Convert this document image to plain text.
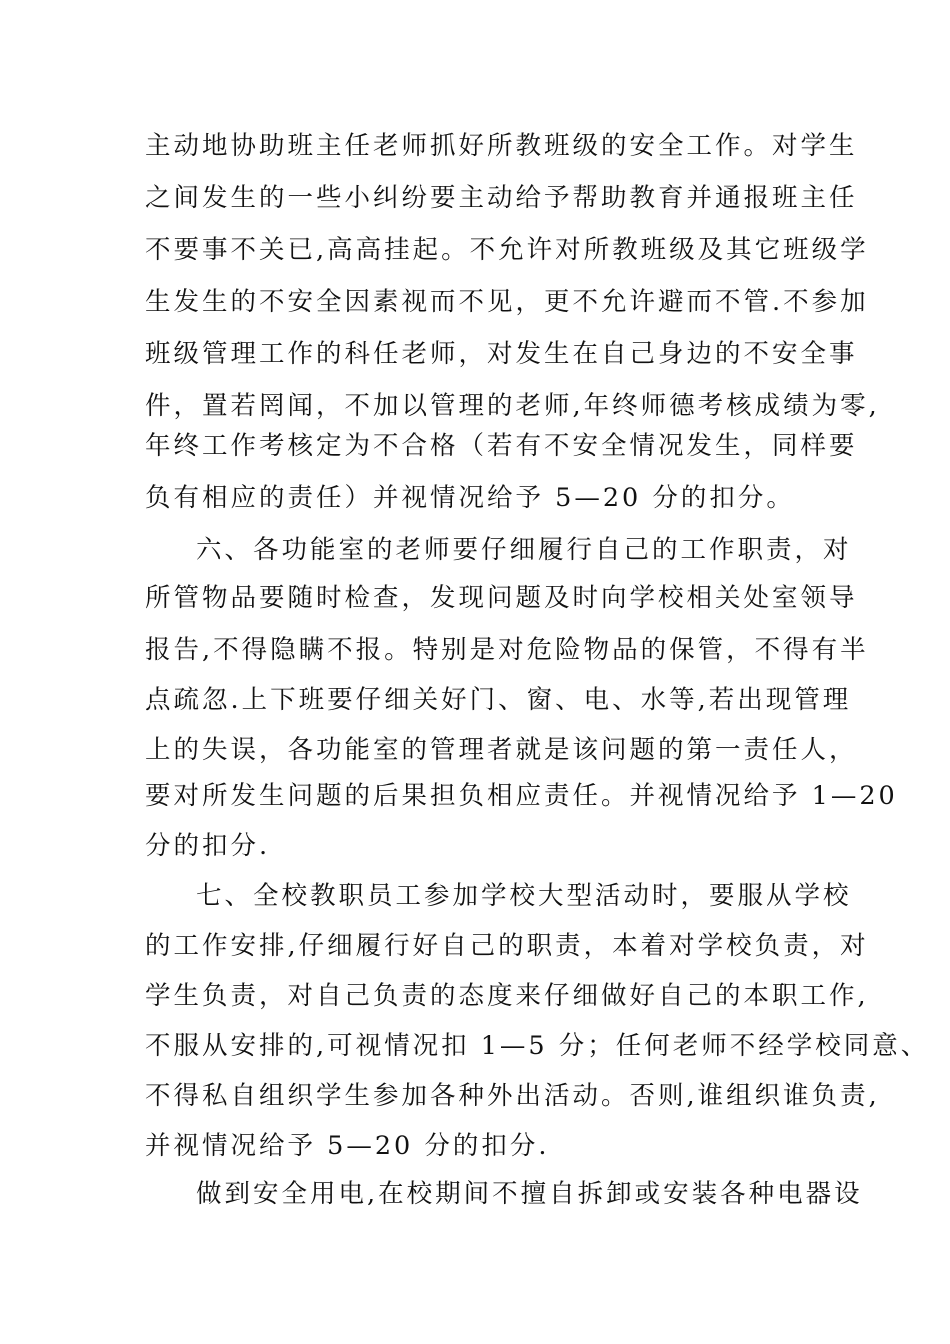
主动地协助班主任老师抓好所教班级的安全工作。对学生
之间发生的一些小纠纷要主动给予帮助教育并通报班主任
不要事不关已,高高挂起。不允许对所教班级及其它班级学
生发生的不安全因素视而不见，更不允许避而不管.不参加
班级管理工作的科任老师，对发生在自己身边的不安全事
件，置若罔闻，不加以管理的老师,年终师德考核成绩为零,
年终工作考核定为不合格（若有不安全情况发生，同样要
负有相应的责任）并视情况给予 5—20 分的扣分。
六、各功能室的老师要仔细履行自己的工作职责，对
所管物品要随时检查，发现问题及时向学校相关处室领导
报告,不得隐瞒不报。特别是对危险物品的保管，不得有半
点疏忽.上下班要仔细关好门、窗、电、水等,若出现管理
上的失误，各功能室的管理者就是该问题的第一责任人，
要对所发生问题的后果担负相应责任。并视情况给予 1—20
分的扣分.
七、全校教职员工参加学校大型活动时，要服从学校
的工作安排,仔细履行好自己的职责，本着对学校负责，对
学生负责，对自己负责的态度来仔细做好自己的本职工作,
不服从安排的,可视情况扣 1—5 分；任何老师不经学校同意、
不得私自组织学生参加各种外出活动。否则,谁组织谁负责,
并视情况给予 5—20 分的扣分.
做到安全用电,在校期间不擅自拆卸或安装各种电器设
